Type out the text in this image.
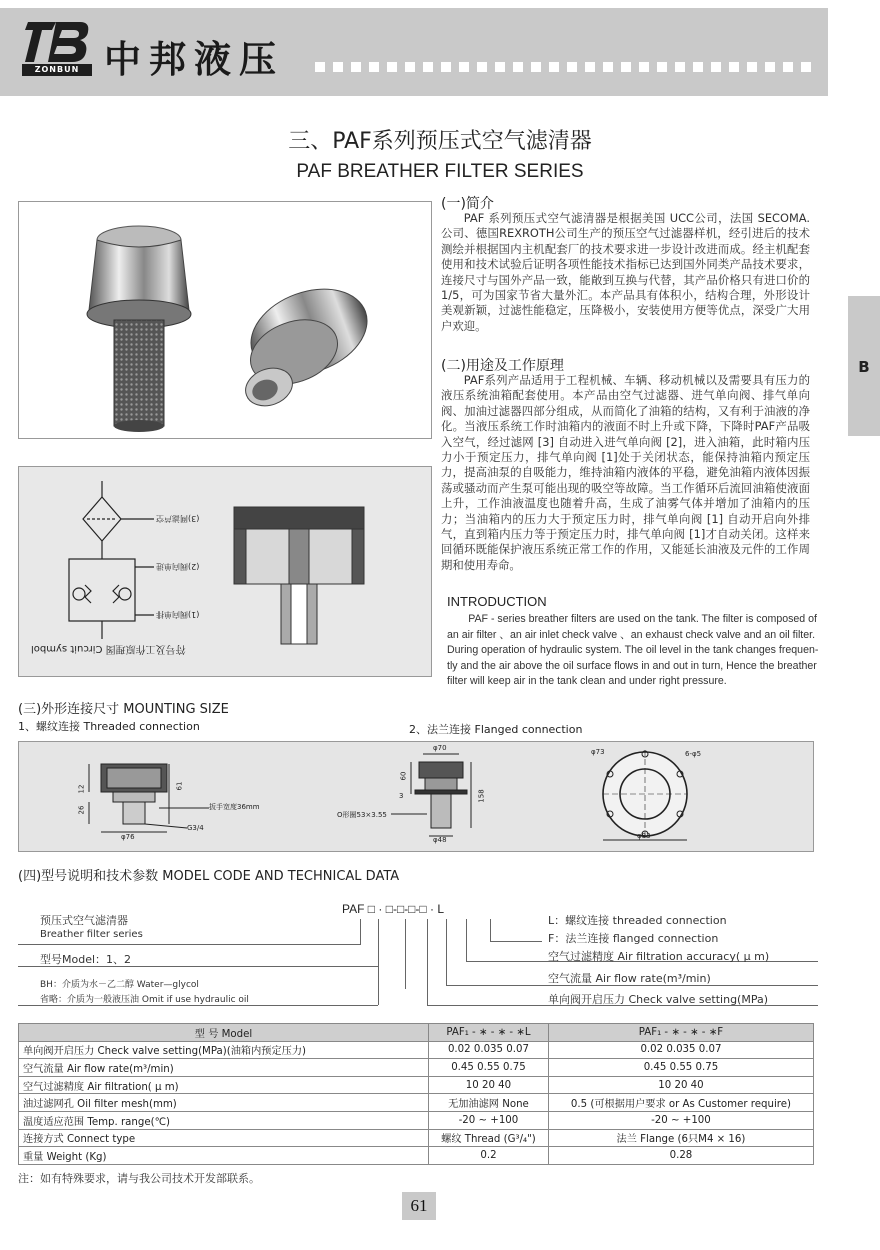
ZONBUN 中邦液压
B
三、PAF系列预压式空气滤清器
PAF BREATHER FILTER SERIES
(3)网滤芦空
(2)阀向单进
(1)阀向单排
符号及工作原理图 Circuit symbol
(一)简介
PAF 系列预压式空气滤清器是根据美国 UCC公司，法国 SECOMA.公司、德国REXROTH公司生产的预压空气过滤器样机，经引进后的技术测绘并根据国内主机配套厂的技术要求进一步设计改进而成。经主机配套使用和技术试验后证明各项性能技术指标已达到国外同类产品技术要求，连接尺寸与国外产品一致，能敞到互换与代替，其产品价格只有进口价的1/5，可为国家节省大量外汇。本产品具有体积小，结构合理，外形设计美观新颖，过滤性能稳定，压降极小，安装使用方便等优点，深受广大用户欢迎。
(二)用途及工作原理
PAF系列产品适用于工程机械、车辆、移动机械以及需要具有压力的液压系统油箱配套使用。本产品由空气过滤器、进气单向阀、排气单向阀、加油过滤器四部分组成，从而简化了油箱的结构，又有利于油液的净化。当液压系统工作时油箱内的液面不时上升或下降，下降时PAF产品吸入空气，经过滤网 [3] 自动进入进气单向阀 [2]，进入油箱，此时箱内压力小于预定压力，排气单向阀 [1]处于关闭状态，能保持油箱内预定压力，提高油泵的自吸能力，维持油箱内液体的平稳，避免油箱内液体因振荡或骚动而产生泵可能出现的吸空等故障。当工作循环后流回油箱使液面上升，工作油液温度也随着升高，生成了油雾气体并增加了油箱内的压力；当油箱内的压力大于预定压力时，排气单向阀 [1] 自动开启向外排气，直到箱内压力等于预定压力时，排气单向阀 [1]才自动关闭。这样来回循环既能保护液压系统正常工作的作用，又能延长油液及元件的工作周期和使用寿命。
INTRODUCTION
PAF - series breather filters are used on the tank. The filter is composed of
an air filter 、an air inlet check valve 、an exhaust check valve and an oil filter.
During operation of hydraulic system. The oil level in the tank changes frequen-
tly and the air above the oil surface flows in and out in turn, Hence the breather
filter will keep air in the tank clean and under right pressure.
(三)外形连接尺寸 MOUNTING SIZE
1、螺纹连接 Threaded connection	2、法兰连接 Flanged connection
12	61
26	扳手宽度36mm
φ76
G3/4
φ70
60
158
3
O形圈53×3.55
φ48
φ73	6-φ5
φ83
(四)型号说明和技术参数 MODEL CODE AND TECHNICAL DATA
PAF □ · □-□-□-□ · L
预压式空气滤清器
Breather filter series
型号Model：1、2
BH：介质为水－乙二醇 Water—glycol
省略：介质为一般液压油 Omit if use hydraulic oil
L：螺纹连接 threaded connection
F：法兰连接 flanged connection
空气过滤精度 Air filtration accuracy( μ m)
空气流量 Air flow rate(m³/min)
单向阀开启压力 Check valve setting(MPa)
型 号 Model	PAF₁ - ∗ - ∗ - ∗L	PAF₁ - ∗ - ∗ - ∗F
单向阀开启压力 Check valve setting(MPa)(油箱内预定压力)	0.02 0.035 0.07	0.02 0.035 0.07
空气流量 Air flow rate(m³/min)	0.45 0.55 0.75	0.45 0.55 0.75
空气过滤精度 Air filtration( μ m)	10 20 40	10 20 40
油过滤网孔 Oil filter mesh(mm)	无加油滤网 None	0.5 (可根据用户要求 or As Customer require)
温度适应范围 Temp. range(℃)	-20 ~ +100	-20 ~ +100
连接方式 Connect type	螺纹 Thread (G³/₄")	法兰 Flange (6只M4 × 16)
重量 Weight (Kg)	0.2	0.28
注：如有特殊要求，请与我公司技术开发部联系。
61
